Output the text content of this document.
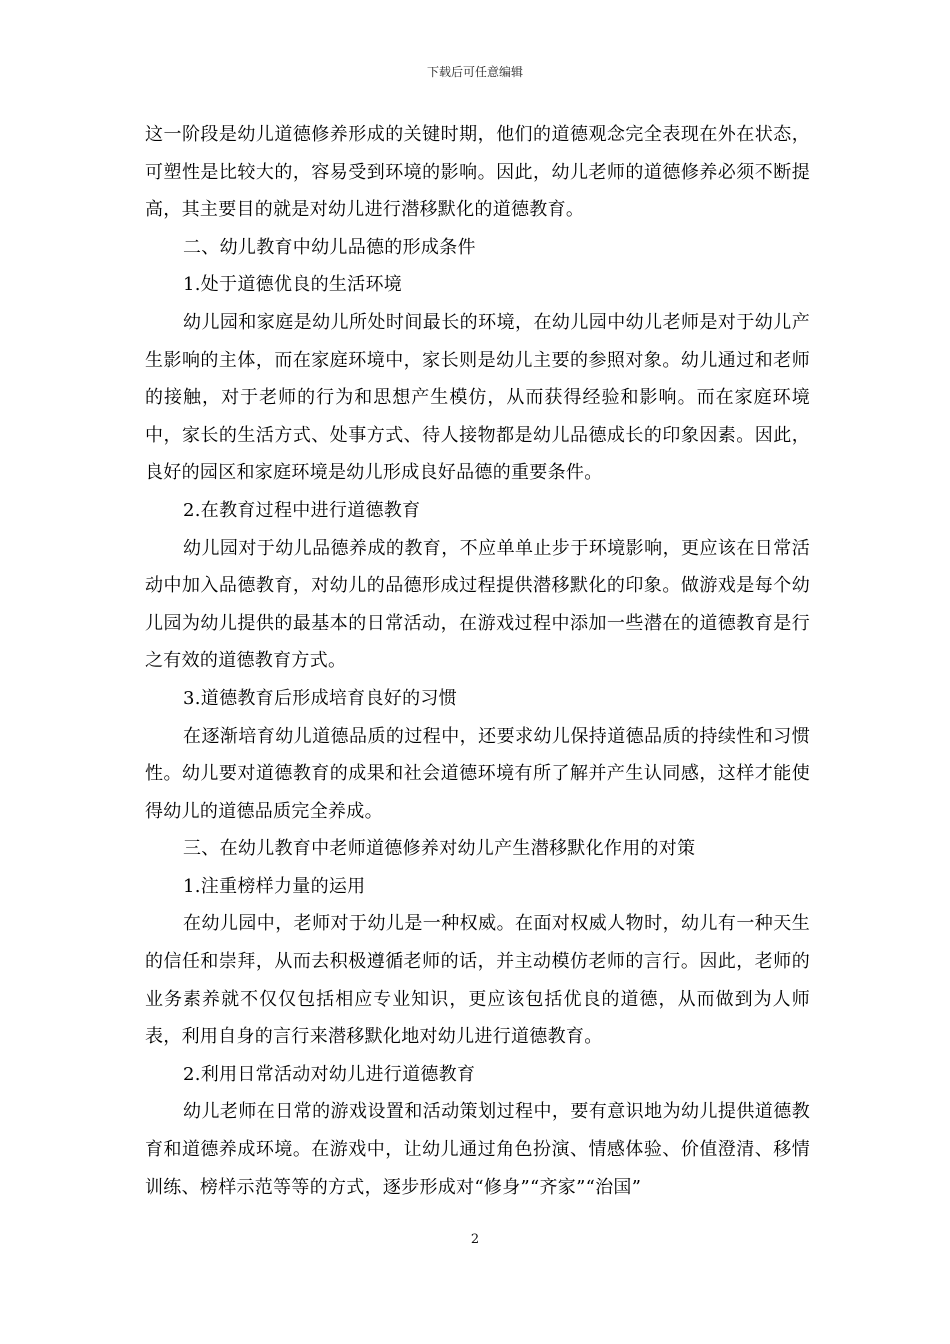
下载后可任意编辑

这一阶段是幼儿道德修养形成的关键时期，他们的道德观念完全表现在外在状态，可塑性是比较大的，容易受到环境的影响。因此，幼儿老师的道德修养必须不断提高，其主要目的就是对幼儿进行潜移默化的道德教育。

二、幼儿教育中幼儿品德的形成条件

1.处于道德优良的生活环境

幼儿园和家庭是幼儿所处时间最长的环境，在幼儿园中幼儿老师是对于幼儿产生影响的主体，而在家庭环境中，家长则是幼儿主要的参照对象。幼儿通过和老师的接触，对于老师的行为和思想产生模仿，从而获得经验和影响。而在家庭环境中，家长的生活方式、处事方式、待人接物都是幼儿品德成长的印象因素。因此，良好的园区和家庭环境是幼儿形成良好品德的重要条件。

2.在教育过程中进行道德教育

幼儿园对于幼儿品德养成的教育，不应单单止步于环境影响，更应该在日常活动中加入品德教育，对幼儿的品德形成过程提供潜移默化的印象。做游戏是每个幼儿园为幼儿提供的最基本的日常活动，在游戏过程中添加一些潜在的道德教育是行之有效的道德教育方式。

3.道德教育后形成培育良好的习惯

在逐渐培育幼儿道德品质的过程中，还要求幼儿保持道德品质的持续性和习惯性。幼儿要对道德教育的成果和社会道德环境有所了解并产生认同感，这样才能使得幼儿的道德品质完全养成。

三、在幼儿教育中老师道德修养对幼儿产生潜移默化作用的对策

1.注重榜样力量的运用

在幼儿园中，老师对于幼儿是一种权威。在面对权威人物时，幼儿有一种天生的信任和崇拜，从而去积极遵循老师的话，并主动模仿老师的言行。因此，老师的业务素养就不仅仅包括相应专业知识，更应该包括优良的道德，从而做到为人师表，利用自身的言行来潜移默化地对幼儿进行道德教育。

2.利用日常活动对幼儿进行道德教育

幼儿老师在日常的游戏设置和活动策划过程中，要有意识地为幼儿提供道德教育和道德养成环境。在游戏中，让幼儿通过角色扮演、情感体验、价值澄清、移情训练、榜样示范等等的方式，逐步形成对“修身”“齐家”“治国”

2
